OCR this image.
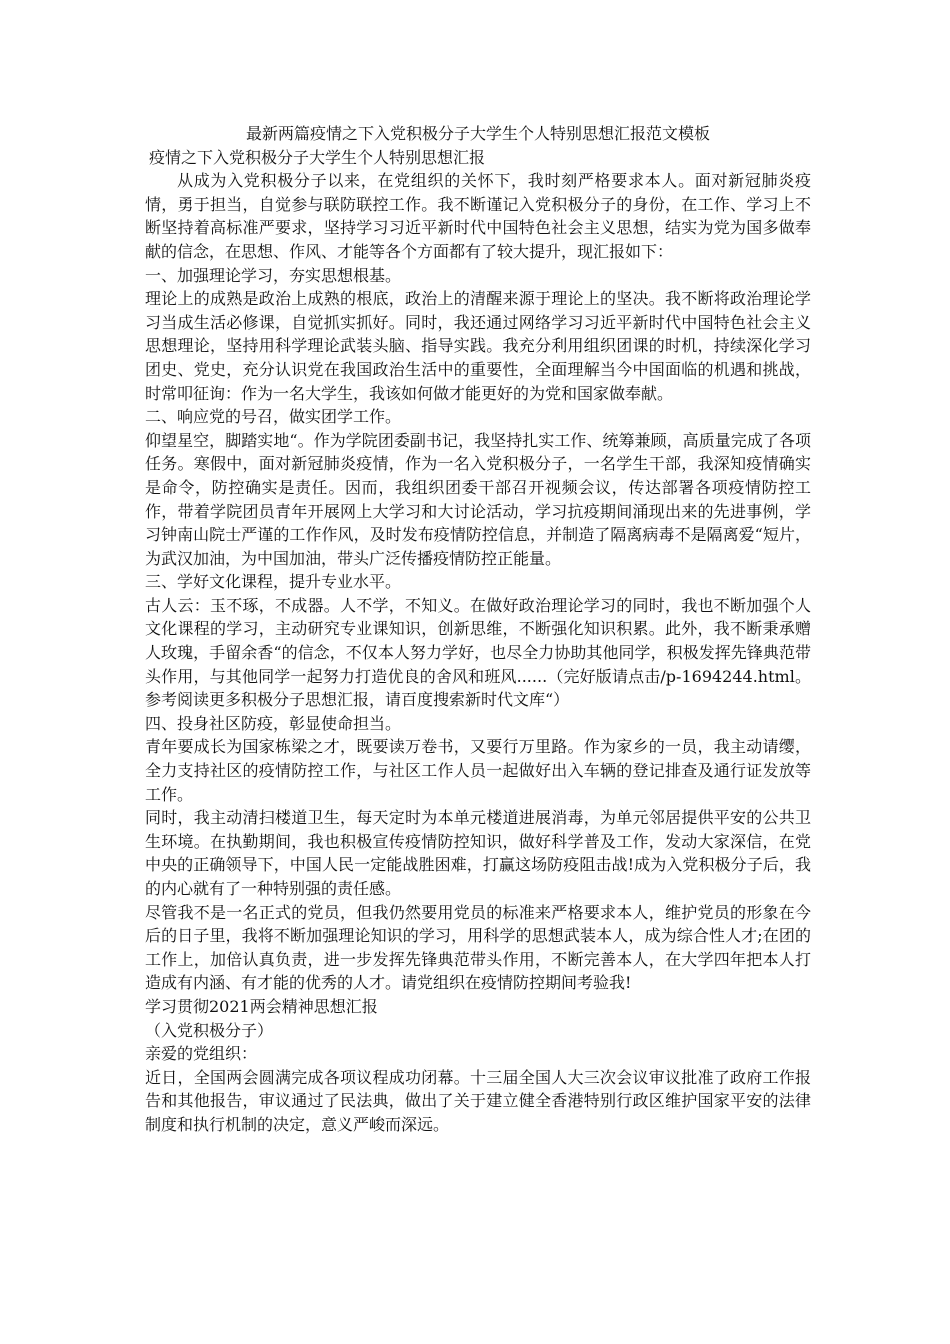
最新两篇疫情之下入党积极分子大学生个人特别思想汇报范文模板
疫情之下入党积极分子大学生个人特别思想汇报

从成为入党积极分子以来，在党组织的关怀下，我时刻严格要求本人。面对新冠肺炎疫情，勇于担当，自觉参与联防联控工作。我不断谨记入党积极分子的身份，在工作、学习上不断坚持着高标准严要求，坚持学习习近平新时代中国特色社会主义思想，结实为党为国多做奉献的信念，在思想、作风、才能等各个方面都有了较大提升，现汇报如下：

一、加强理论学习，夯实思想根基。

理论上的成熟是政治上成熟的根底，政治上的清醒来源于理论上的坚决。我不断将政治理论学习当成生活必修课，自觉抓实抓好。同时，我还通过网络学习习近平新时代中国特色社会主义思想理论，坚持用科学理论武装头脑、指导实践。我充分利用组织团课的时机，持续深化学习团史、党史，充分认识党在我国政治生活中的重要性，全面理解当今中国面临的机遇和挑战，时常叩征询：作为一名大学生，我该如何做才能更好的为党和国家做奉献。

二、响应党的号召，做实团学工作。

仰望星空，脚踏实地“。作为学院团委副书记，我坚持扎实工作、统筹兼顾，高质量完成了各项任务。寒假中，面对新冠肺炎疫情，作为一名入党积极分子，一名学生干部，我深知疫情确实是命令，防控确实是责任。因而，我组织团委干部召开视频会议，传达部署各项疫情防控工作，带着学院团员青年开展网上大学习和大讨论活动，学习抗疫期间涌现出来的先进事例，学习钟南山院士严谨的工作作风，及时发布疫情防控信息，并制造了隔离病毒不是隔离爱“短片，为武汉加油，为中国加油，带头广泛传播疫情防控正能量。

三、学好文化课程，提升专业水平。

古人云：玉不琢，不成器。人不学，不知义。在做好政治理论学习的同时，我也不断加强个人文化课程的学习，主动研究专业课知识，创新思维，不断强化知识积累。此外，我不断秉承赠人玫瑰，手留余香“的信念，不仅本人努力学好，也尽全力协助其他同学，积极发挥先锋典范带头作用，与其他同学一起努力打造优良的舍风和班风......（完好版请点击/p-1694244.html。参考阅读更多积极分子思想汇报，请百度搜索新时代文库“）

四、投身社区防疫，彰显使命担当。

青年要成长为国家栋梁之才，既要读万卷书，又要行万里路。作为家乡的一员，我主动请缨，全力支持社区的疫情防控工作，与社区工作人员一起做好出入车辆的登记排查及通行证发放等工作。

同时，我主动清扫楼道卫生，每天定时为本单元楼道进展消毒，为单元邻居提供平安的公共卫生环境。在执勤期间，我也积极宣传疫情防控知识，做好科学普及工作，发动大家深信，在党中央的正确领导下，中国人民一定能战胜困难，打赢这场防疫阻击战!成为入党积极分子后，我的内心就有了一种特别强的责任感。

尽管我不是一名正式的党员，但我仍然要用党员的标准来严格要求本人，维护党员的形象在今后的日子里，我将不断加强理论知识的学习，用科学的思想武装本人，成为综合性人才;在团的工作上，加倍认真负责，进一步发挥先锋典范带头作用，不断完善本人，在大学四年把本人打造成有内涵、有才能的优秀的人才。请党组织在疫情防控期间考验我!

学习贯彻2021两会精神思想汇报

（入党积极分子）

亲爱的党组织：

近日，全国两会圆满完成各项议程成功闭幕。十三届全国人大三次会议审议批准了政府工作报告和其他报告，审议通过了民法典，做出了关于建立健全香港特别行政区维护国家平安的法律制度和执行机制的决定，意义严峻而深远。
